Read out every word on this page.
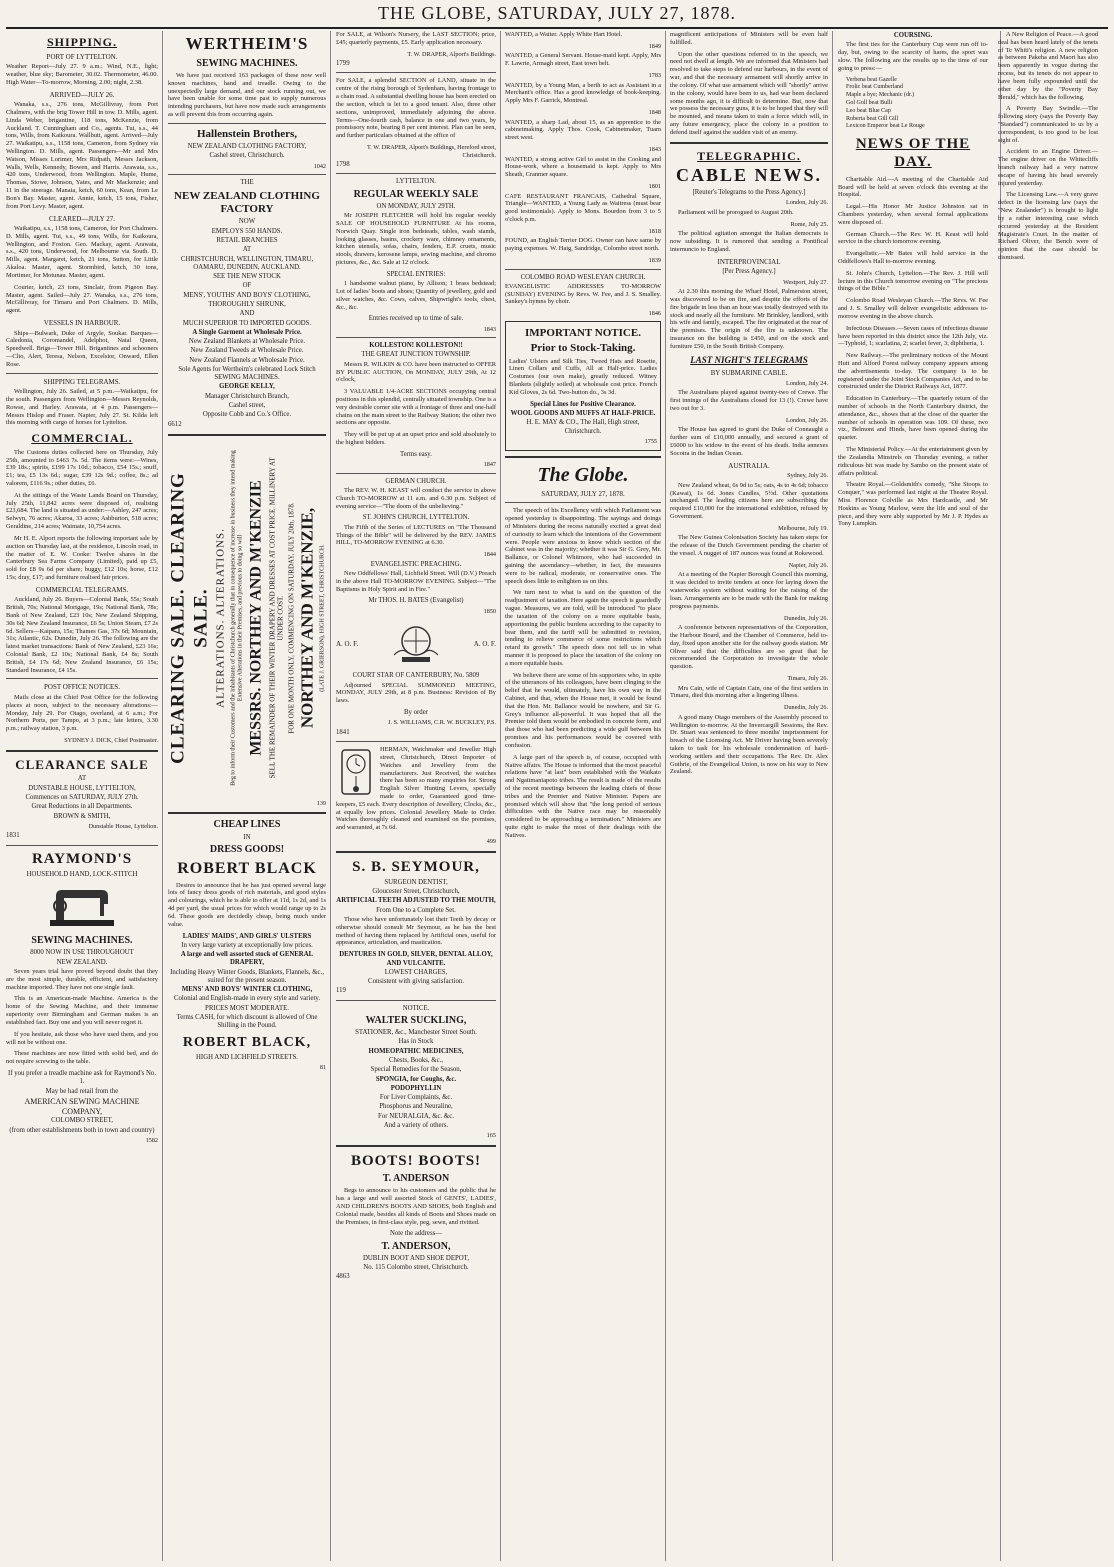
THE GLOBE, SATURDAY, JULY 27, 1878.
SHIPPING.
PORT OF LYTTELTON.

Weather Report—July 27. 9 a.m.: Wind, N.E., light; weather, blue sky; Barometer, 30.02. Thermometer, 46.00. High Water—To-morrow, Morning, 2.00; night, 2.38.

ARRIVED—JULY 26.

Wanaka, s.s., 276 tons, McGillivray, from Port Chalmers, with the brig Tower Hill in tow. D. Mills, agent. Linda Weber, brigantine, 118 tons, McKenzie, from Auckland. T. Cunningham and Co., agents. Tui, s.s., 44 tons, Wills, from Kaikoura. Wallbutt, agent. Arrived—July 27. Waikatipu, s.s., 1158 tons, Cameron, from Sydney via Wellington. D. Mills, agent. Passengers—Mr and Mrs Watson, Misses Lorimer, Mrs Ridpath, Messrs Jackson, Walls, Wells, Kennedy, Bowen, and Harris. Arawata, s.s., 420 tons, Underwood, from Wellington. Maple, Hume, Thomas, Stowe, Johnson, Yates, and Mr Mackenzie; and 11 in the steerage. Manaia, ketch, 60 tons, Kean, from Le Bon's Bay. Master, agent. Annie, ketch, 15 tons, Fisher, from Port Levy. Master, agent.

CLEARED—JULY 27.

Waikatipu, s.s., 1158 tons, Cameron, for Port Chalmers. D. Mills, agent. Tui, s.s., 49 tons, Wills, for Kaikoura, Wellington, and Foxton. Geo. Mackay, agent. Arawata, s.s., 420 tons, Underwood, for Melbourne via South. D. Mills, agent. Margaret, ketch, 21 tons, Sutton, for Little Akaloa. Master, agent. Stormbird, ketch, 30 tons, Mortimer, for Motunau. Master, agent.

Courier, ketch, 23 tons, Sinclair, from Pigeon Bay. Master, agent. Sailed—July 27. Wanaka, s.s., 276 tons, McGillivray, for Timaru and Port Chalmers. D. Mills, agent.

VESSELS IN HARBOUR.

Ships—Bulwark, Duke of Argyle, Soukar. Barques—Caledonia, Coromandel, Adelphoi, Natal Queen, Speedwell. Brigs—Tower Hill. Brigantines and schooners—Clio, Alert, Teresa, Nelson, Excelsior, Onward, Ellen Rose.

SHIPPING TELEGRAMS.

Wellington, July 26. Sailed, at 5 p.m.—Waikatipu, for the south. Passengers from Wellington—Messrs Reynolds, Rowse, and Harley. Arawata, at 4 p.m. Passengers—Messrs Hislop and Fraser. Napier, July 27. St. Kilda left this morning with cargo of horses for Lyttelton.

COMMERCIAL.

The Customs duties collected here on Thursday, July 25th, amounted to £463 7s. 5d. The items were:—Wines, £39 18s.; spirits, £199 17s 10d.; tobacco, £54 15s.; snuff, £1; tea, £5 13s 6d.; sugar, £39 12s 9d.; coffee, 8s.; ad valorem, £116 9s.; other duties, £6.

At the sittings of the Waste Lands Board on Thursday, July 25th, 11,842 acres were disposed of, realising £23,684. The land is situated as under:—Ashley, 247 acres; Selwyn, 76 acres; Akaroa, 33 acres; Ashburton, 518 acres; Geraldine, 214 acres; Waimate, 10,754 acres.

Mr H. E. Alport reports the following important sale by auction on Thursday last, at the residence, Lincoln road, in the matter of E. W. Cooke: Twelve shares in the Canterbury Sea Farms Company (Limited), paid up £5, sold for £8 9s 6d per share; buggy, £12 10s; horse, £12 15s; dray, £17; and furniture realised fair prices.

COMMERCIAL TELEGRAMS.

Auckland, July 26. Buyers—Colonial Bank, 55s; South British, 70s; National Mortgage, 19s; National Bank, 78s; Bank of New Zealand, £23 10s; New Zealand Shipping, 30s 6d; New Zealand Insurance, £6 5s; Union Steam, £7 2s 6d. Sellers—Kaipara, 15s; Thames Gas, 37s 6d; Mountain, 31s; Atlantic, 62s. Dunedin, July 26. The following are the latest market transactions: Bank of New Zealand, £23 16s; Colonial Bank, £2 10s; National Bank, £4 8s; South British, £4 17s 6d; New Zealand Insurance, £6 15s; Standard Insurance, £4 15s.

POST OFFICE NOTICES.

Mails close at the Chief Post Office for the following places at noon, subject to the necessary alterations:—Monday, July 29. For Otago, overland, at 6 a.m.; For Northern Ports, per Tampo, at 3 p.m.; late letters, 3.30 p.m.; railway station, 3 p.m.

SYDNEY J. DICK, Chief Postmaster.
CLEARANCE SALE
AT
DUNSTABLE HOUSE, LYTTELTON,
Commences on SATURDAY, JULY 27th.
Great Reductions in all Departments.
BROWN & SMITH,
Dunstable House, Lyttelton.
1831
RAYMOND'S
HOUSEHOLD HAND, LOCK-STITCH
SEWING MACHINES.
8000 NOW IN USE THROUGHOUT
NEW ZEALAND.

Seven years trial have proved beyond doubt that they are the most simple, durable, efficient, and satisfactory machine imported. They have not one single fault.

This is an American-made Machine. America is the home of the Sewing Machine, and their immense superiority over Birmingham and German makes is an established fact. Buy one and you will never regret it.

If you hesitate, ask those who have used them, and you will not be without one.

These machines are now fitted with solid bed, and do not require screwing to the table.

If you prefer a treadle machine ask for Raymond's No. 1.
May be had retail from the
AMERICAN SEWING MACHINE COMPANY,
COLOMBO STREET,
(from other establishments both in town and country)
1582
WERTHEIM'S
SEWING MACHINES.

We have just received 163 packages of these now well known machines, hand and treadle. Owing to the unexpectedly large demand, and our stock running out, we have been unable for some time past to supply numerous intending purchasers, but have now made such arrangements as will prevent this from occurring again.

Hallenstein Brothers,
NEW ZEALAND CLOTHING FACTORY,
Cashel street, Christchurch.
1042
THE
NEW ZEALAND CLOTHING FACTORY
NOW
EMPLOYS 550 HANDS.
RETAIL BRANCHES
AT
CHRISTCHURCH, WELLINGTON, TIMARU, OAMARU, DUNEDIN, AUCKLAND.
SEE THE NEW STOCK
OF
MENS', YOUTHS' AND BOYS' CLOTHING,
THOROUGHLY SHRUNK,
AND
MUCH SUPERIOR TO IMPORTED GOODS.
A Single Garment at Wholesale Price.
New Zealand Blankets at Wholesale Price.
New Zealand Tweeds at Wholesale Price.
New Zealand Flannels at Wholesale Price.
Sole Agents for Wertheim's celebrated Lock Stitch SEWING MACHINES.
GEORGE KELLY,
Manager Christchurch Branch,
Cashel street,
Opposite Cobb and Co.'s Office.
6612
CLEARING SALE. CLEARING SALE. ALTERATIONS. ALTERATIONS. Beg to inform their Customers and the Inhabitants of Christchurch generally that in consequence of increase in business they intend making Extensive Alterations in their Premises, and previous to doing so will MESSRS. NORTHEY AND M'KENZIE SELL THE REMAINDER OF THEIR WINTER DRAPERY AND DRESSES AT COST PRICE. MILLINERY AT UNDER COST. FOR ONE MONTH ONLY, COMMENCING ON SATURDAY, JULY 20th, 1878. NORTHEY AND M'KENZIE, (LATE J. GRIERSON), HIGH STREET, CHRISTCHURCH.
139
CHEAP LINES
IN
DRESS GOODS!
ROBERT BLACK

Desires to announce that he has just opened several large lots of fancy dress goods of rich materials, and good styles and colourings, which he is able to offer at 11d, 1s 2d, and 1s 4d per yard, the usual prices for which would range up to 2s 6d. These goods are decidedly cheap, being much under value.

LADIES' MAIDS', AND GIRLS' ULSTERS
In very large variety at exceptionally low prices.
A large and well assorted stock of GENERAL DRAPERY,
Including Heavy Winter Goods, Blankets, Flannels, &c., suited for the present season.
MENS' AND BOYS' WINTER CLOTHING,
Colonial and English-made in every style and variety.
PRICES MOST MODERATE.
Terms CASH, for which discount is allowed of One Shilling in the Pound.
ROBERT BLACK,
HIGH AND LICHFIELD STREETS.
81

For SALE, at Wilson's Nursery, the LAST SECTION; price, £45; quarterly payments, £5. Early application necessary.

T. W. DRAPER, Alport's Buildings.
1799

For SALE, a splendid SECTION of LAND, situate in the centre of the rising borough of Sydenham, having frontage to a chain road. A substantial dwelling house has been erected on the section, which is let to a good tenant. Also, three other sections, unimproved, immediately adjoining the above. Terms—One-fourth cash, balance in one and two years, by promissory note, bearing 8 per cent interest. Plan can be seen, and further particulars obtained at the office of

T. W. DRAPER, Alport's Buildings, Hereford street, Christchurch.
1798
LYTTELTON.
REGULAR WEEKLY SALE
ON MONDAY, JULY 29TH.

Mr JOSEPH FLETCHER will hold his regular weekly SALE OF HOUSEHOLD FURNITURE At his rooms, Norwich Quay. Single iron bedsteads, tables, wash stands, looking glasses, basins, crockery ware, chimney ornaments, kitchen utensils, sofas, chairs, fenders, E.P. cruets, music stools, drawers, kerosene lamps, sewing machine, and chromo pictures, &c., &c. Sale at 12 o'clock.

SPECIAL ENTRIES:

1 handsome walnut piano, by Allison; 1 brass bedstead; Lot of ladies' boots and shoes; Quantity of jewellery, gold and silver watches, &c. Cows, calves, Shipwright's tools, chest, &c., &c.

Entries received up to time of sale.
1843
KOLLESTON! KOLLESTON!!
THE GREAT JUNCTION TOWNSHIP.

Messrs R. WILKIN & CO. have been instructed to OFFER BY PUBLIC AUCTION, On MONDAY, JULY 29th, At 12 o'clock,

3 VALUABLE 1/4-ACRE SECTIONS occupying central positions in this splendid, centrally situated township. One is a very desirable corner site with a frontage of three and one-half chains on the main street to the Railway Station; the other two sections are opposite.

They will be put up at an upset price and sold absolutely to the highest bidders.

Terms easy.
1847
GERMAN CHURCH.

The REV. W. H. KEAST will conduct the service in above Church TO-MORROW at 11 a.m. and 6.30 p.m. Subject of evening service—"The doom of the unbelieving."

ST. JOHN'S CHURCH, LYTTELTON.

The Fifth of the Series of LECTURES on "The Thousand Things of the Bible" will be delivered by the REV. JAMES HILL, TO-MORROW EVENING at 6.30.

1844
EVANGELISTIC PREACHING.

New Oddfellows' Hall, Lichfield Street. Will (D.V.) Preach in the above Hall TO-MORROW EVENING. Subject—"The Baptisms in Holy Spirit and in Fire."

Mr THOS. H. BATES (Evangelist)
1850
A. O. F.	A. O. F.
COURT STAR OF CANTERBURY, No. 5809

Adjourned SPECIAL SUMMONED MEETING, MONDAY, JULY 29th, at 8 p.m. Business: Revision of By laws.

By order
J. S. WILLIAMS, C.R. W. BUCKLEY, P.S.
1841

HERMAN, Watchmaker and Jeweller High street, Christchurch, Direct Importer of Watches and Jewellery from the manufacturers. Just Received, the watches there has been so many enquiries for. Strong English Silver Hunting Levers, specially made to order, Guaranteed good time-keepers, £5 each. Every description of Jewellery, Clocks, &c., at equally low prices. Colonial Jewellery Made to Order. Watches thoroughly cleaned and examined on the premises, and warranted, at 7s 6d.

499
S. B. SEYMOUR,
SURGEON DENTIST,
Gloucester Street, Christchurch,
ARTIFICIAL TEETH ADJUSTED TO THE MOUTH,
From One to a Complete Set.

Those who have unfortunately lost their Teeth by decay or otherwise should consult Mr Seymour, as he has the best method of having them replaced by Artificial ones, useful for appearance, articulation, and mastication.

DENTURES IN GOLD, SILVER, DENTAL ALLOY, AND VULCANITE.
LOWEST CHARGES,
Consistent with giving satisfaction.
119
NOTICE.
WALTER SUCKLING,
STATIONER, &c., Manchester Street South.
Has in Stock
HOMEOPATHIC MEDICINES,
Chests, Books, &c.,
Special Remedies for the Season,
SPONGIA, for Coughs, &c.
PODOPHYLLIN
For Liver Complaints, &c.
Phosphorus and Neuraline,
For NEURALGIA, &c. &c.
And a variety of others.
165
BOOTS! BOOTS!
T. ANDERSON

Begs to announce to his customers and the public that he has a large and well assorted Stock of GENTS', LADIES', AND CHILDREN'S BOOTS AND SHOES, both English and Colonial made, besides all kinds of Boots and Shoes made on the Premises, in first-class style, peg, sewn, and rivitted.

Note the address—
T. ANDERSON,
DUBLIN BOOT AND SHOE DEPOT,
No. 115 Colombo street, Christchurch.
4863

WANTED, a Waiter. Apply White Hart Hotel.

1849

WANTED, a General Servant. House-maid kept. Apply, Mrs F. Lawrie, Armagh street, East town belt.

1783

WANTED, by a Young Man, a berth to act as Assistant in a Merchant's office. Has a good knowledge of book-keeping. Apply Mrs F. Garrick, Montreal.

1848

WANTED, a sharp Lad, about 15, as an apprentice to the cabinetmaking. Apply Thos. Cook, Cabinetmaker, Tuam street west.

1843

WANTED, a strong active Girl to assist in the Cooking and House-work, where a housemaid is kept. Apply to Mrs Sheath, Cranmer square.

1801

CAFE RESTAURANT FRANCAIS, Cathedral Square, Triangle—WANTED, a Young Lady as Waitress (must bear good testimonials). Apply to Mons. Bourdon from 3 to 5 o'clock p.m.

1818

FOUND, an English Terrier DOG. Owner can have same by paying expenses. W. Haig, Sandridge, Colombo street north.

1839
COLOMBO ROAD WESLEYAN CHURCH.

EVANGELISTIC ADDRESSES TO-MORROW (SUNDAY) EVENING by Revs. W. Fee, and J. S. Smalley. Sankey's hymns by choir.

1846
IMPORTANT NOTICE.
Prior to Stock-Taking.

Ladies' Ulsters and Silk Ties, Tweed Hats and Rosette, Linen Collars and Cuffs, All at Half-price. Ladies Costumes (our own make), greatly reduced. Witney Blankets (slightly soiled) at wholesale cost price. French Kid Gloves, 2s 6d. Two-button do., 3s 3d.

Special Lines for Positive Clearance.
WOOL GOODS AND MUFFS AT HALF-PRICE.
H. E. MAY & CO., The Hall, High street, Christchurch.
1755
The Globe.
SATURDAY, JULY 27, 1878.

The speech of his Excellency with which Parliament was opened yesterday is disappointing. The sayings and doings of Ministers during the recess naturally excited a great deal of curiosity to learn which the intentions of the Government were. People were anxious to know which section of the Cabinet was in the majority; whether it was Sir G. Grey, Mr. Ballance, or Colonel Whitmore, who had succeeded in gaining the ascendancy—whether, in fact, the measures were to be radical, moderate, or conservative ones. The speech does little to enlighten us on this.

We turn next to what is said on the question of the readjustment of taxation. Here again the speech is guardedly vague. Measures, we are told, will be introduced "to place the taxation of the colony on a more equitable basis, apportioning the public burdens according to the capacity to bear them, and the tariff will be submitted to revision, tending to relieve commerce of some restrictions which retard its growth." The speech does not tell us in what manner it is proposed to place the taxation of the colony on a more equitable basis.

We believe there are some of his supporters who, in spite of the utterances of his colleagues, have been clinging to the belief that he would, ultimately, have his own way in the Cabinet, and that, when the House met, it would be found that the Hon. Mr. Ballance would be nowhere, and Sir G. Grey's influence all-powerful. It was hoped that all the Premier told them would be embodied in concrete form, and that those who had been predicting a wide gulf between his promises and his performances would be covered with confusion.

A large part of the speech is, of course, occupied with Native affairs. The House is informed that the most peaceful relations have "at last" been established with the Waikato and Ngatimaniapoto tribes. The result is made of the results of the recent meetings between the leading chiefs of those tribes and the Premier and Native Minister. Papers are promised which will show that "the long period of serious difficulties with the Native race may be reasonably considered to be approaching a termination." Ministers are quite right to make the most of their dealings with the Natives.

magnificent anticipations of Ministers will be even half fulfilled.

Upon the other questions referred to in the speech, we need not dwell at length. We are informed that Ministers had resolved to take steps to defend our harbours, in the event of war, and that the necessary armament will shortly arrive in the colony. Of what use armament which will "shortly" arrive in the colony, would have been to us, had war been declared some months ago, it is difficult to determine. But, now that we possess the necessary guns, it is to be hoped that they will be mounted, and means taken to train a force which will, in any future emergency, place the colony in a position to defend itself against the sudden visit of an enemy.

TELEGRAPHIC.
CABLE NEWS.
[Reuter's Telegrams to the Press Agency.]
London, July 26.

Parliament will be prorogued to August 20th.

Rome, July 25.

The political agitation amongst the Italian democrats is now subsiding. It is rumored that sending a Pontifical internuncio to England.

INTERPROVINCIAL
[Per Press Agency.]
Westport, July 27.

At 2.30 this morning the Wharf Hotel, Palmerston street, was discovered to be on fire, and despite the efforts of the fire brigade in less than an hour was totally destroyed with its stock and nearly all the furniture. Mr Brinkley, landlord, with his wife and family, escaped. The fire originated at the rear of the premises. The origin of the fire is unknown. The insurance on the building is £450, and on the stock and furniture £50, in the South British Company.

LAST NIGHT'S TELEGRAMS
BY SUBMARINE CABLE.
London, July 24.

The Australians played against twenty-two of Crewe. The first innings of the Australians closed for 13 (!). Crewe have two out for 3.

London, July 26.

The House has agreed to grant the Duke of Connaught a further sum of £10,000 annually, and secured a grant of £6000 to his widow in the event of his death. India annexes Socotra in the Indian Ocean.

AUSTRALIA.
Sydney, July 26.

New Zealand wheat, 6s 9d to 5s; oats, 4s to 4s 6d; tobacco (Kawai), 1s 6d. Jones Candles, 5½d. Other quotations unchanged. The leading citizens here are subscribing the required £10,000 for the international exhibition, refused by Government.

Melbourne, July 19.

The New Guinea Colonisation Society has taken steps for the release of the Dutch Government pending the charter of the vessel. A nugget of 187 ounces was found at Rokewood.

Napier, July 26.

At a meeting of the Napier Borough Council this morning, it was decided to invite tenders at once for laying down the waterworks system without waiting for the raising of the loan. Arrangements are to be made with the Bank for making progress payments.

Dunedin, July 26.

A conference between representatives of the Corporation, the Harbour Board, and the Chamber of Commerce, held to-day, fixed upon another site for the railway goods station. Mr Oliver said that the difficulties are so great that he recommended the Corporation to investigate the whole question.

Timaru, July 26.

Mrs Cain, wife of Captain Cain, one of the first settlers in Timaru, died this morning after a lingering illness.

Dunedin, July 26.

A good many Otago members of the Assembly proceed to Wellington to-morrow. At the Invercargill Sessions, the Rev. Dr. Stuart was sentenced to three months' imprisonment for breach of the Licensing Act. Mr Driver having been severely taken to task for his wholesale condemnation of hard-working settlers and their occupations. The Rev. Dr. Alex Guthrie, of the Evangelical Union, is now on his way to New Zealand.

COURSING.

The first ties for the Canterbury Cup were run off to-day, but, owing to the scarcity of hares, the sport was slow. The following are the results up to the time of our going to press:—

Verbena beat Gazelle
Frolic beat Cumberland
Maple a bye; Mechanic (dr.)
Gol Goll beat Bulli
Leo beat Blue Cap
Roberta beat Gill Gill
Lexicon Emperor beat Le Rouge
NEWS OF THE DAY.

Charitable Aid.—A meeting of the Charitable Aid Board will be held at seven o'clock this evening at the Hospital.

Legal.—His Honor Mr Justice Johnston sat in Chambers yesterday, when several formal applications were disposed of.

German Church.—The Rev. W. H. Keast will hold service in the church tomorrow evening.

Evangelistic.—Mr Bates will hold service in the Oddfellows's Hall to-morrow evening.

St. John's Church, Lyttelton.—The Rev. J. Hill will lecture in this Church tomorrow evening on "The precious things of the Bible."

Colombo Road Wesleyan Church.—The Revs. W. Fee and J. S. Smalley will deliver evangelistic addresses to-morrow evening in the above church.

Infectious Diseases.—Seven cases of infectious disease have been reported in this district since the 12th July, viz.—Typhoid, 1; scarlatina, 2; scarlet fever, 3; diphtheria, 1.

New Railway.—The preliminary notices of the Mount Hutt and Alford Forest railway company appears among the advertisements to-day. The company is to be registered under the Joint Stock Companies Act, and to be constructed under the District Railways Act, 1877.

Education in Canterbury.—The quarterly return of the number of schools in the North Canterbury district, the attendance, &c., shows that at the close of the quarter the number of schools in operation was 109. Of these, two viz., Belmont and Hinds, have been opened during the quarter.

The Ministerial Policy.—At the entertainment given by the Zealandia Minstrels on Thursday evening, a rather ridiculous hit was made by Sambo on the present state of affairs political.

Theatre Royal.—Goldsmith's comedy, "She Stoops to Conquer," was performed last night at the Theatre Royal. Miss Florence Colville as Mrs Hardcastle, and Mr Hoskins as Young Marlow, were the life and soul of the piece, and they were ably supported by Mr J. P. Hydes as Tony Lumpkin.

A New Religion of Peace.—A good deal has been heard lately of the tenets of Te Whiti's religion. A new religion as between Pakeha and Maori has also been apparently in vogue during the recess, but its tenets do not appear to have been fully expounded until the other day by the "Poverty Bay Herald," which has the following.

A Poverty Bay Swindle.—The following story (says the Poverty Bay "Standard") communicated to us by a correspondent, is too good to be lost sight of.

Accident to an Engine Driver.—The engine driver on the Whitecliffs branch railway had a very narrow escape of having his head severely injured yesterday.

The Licensing Law.—A very grave defect in the licensing law (says the "New Zealander") is brought to light by a rather interesting case which occurred yesterday at the Resident Magistrate's Court. In the matter of Richard Oliver, the Bench were of opinion that the case should be dismissed.
